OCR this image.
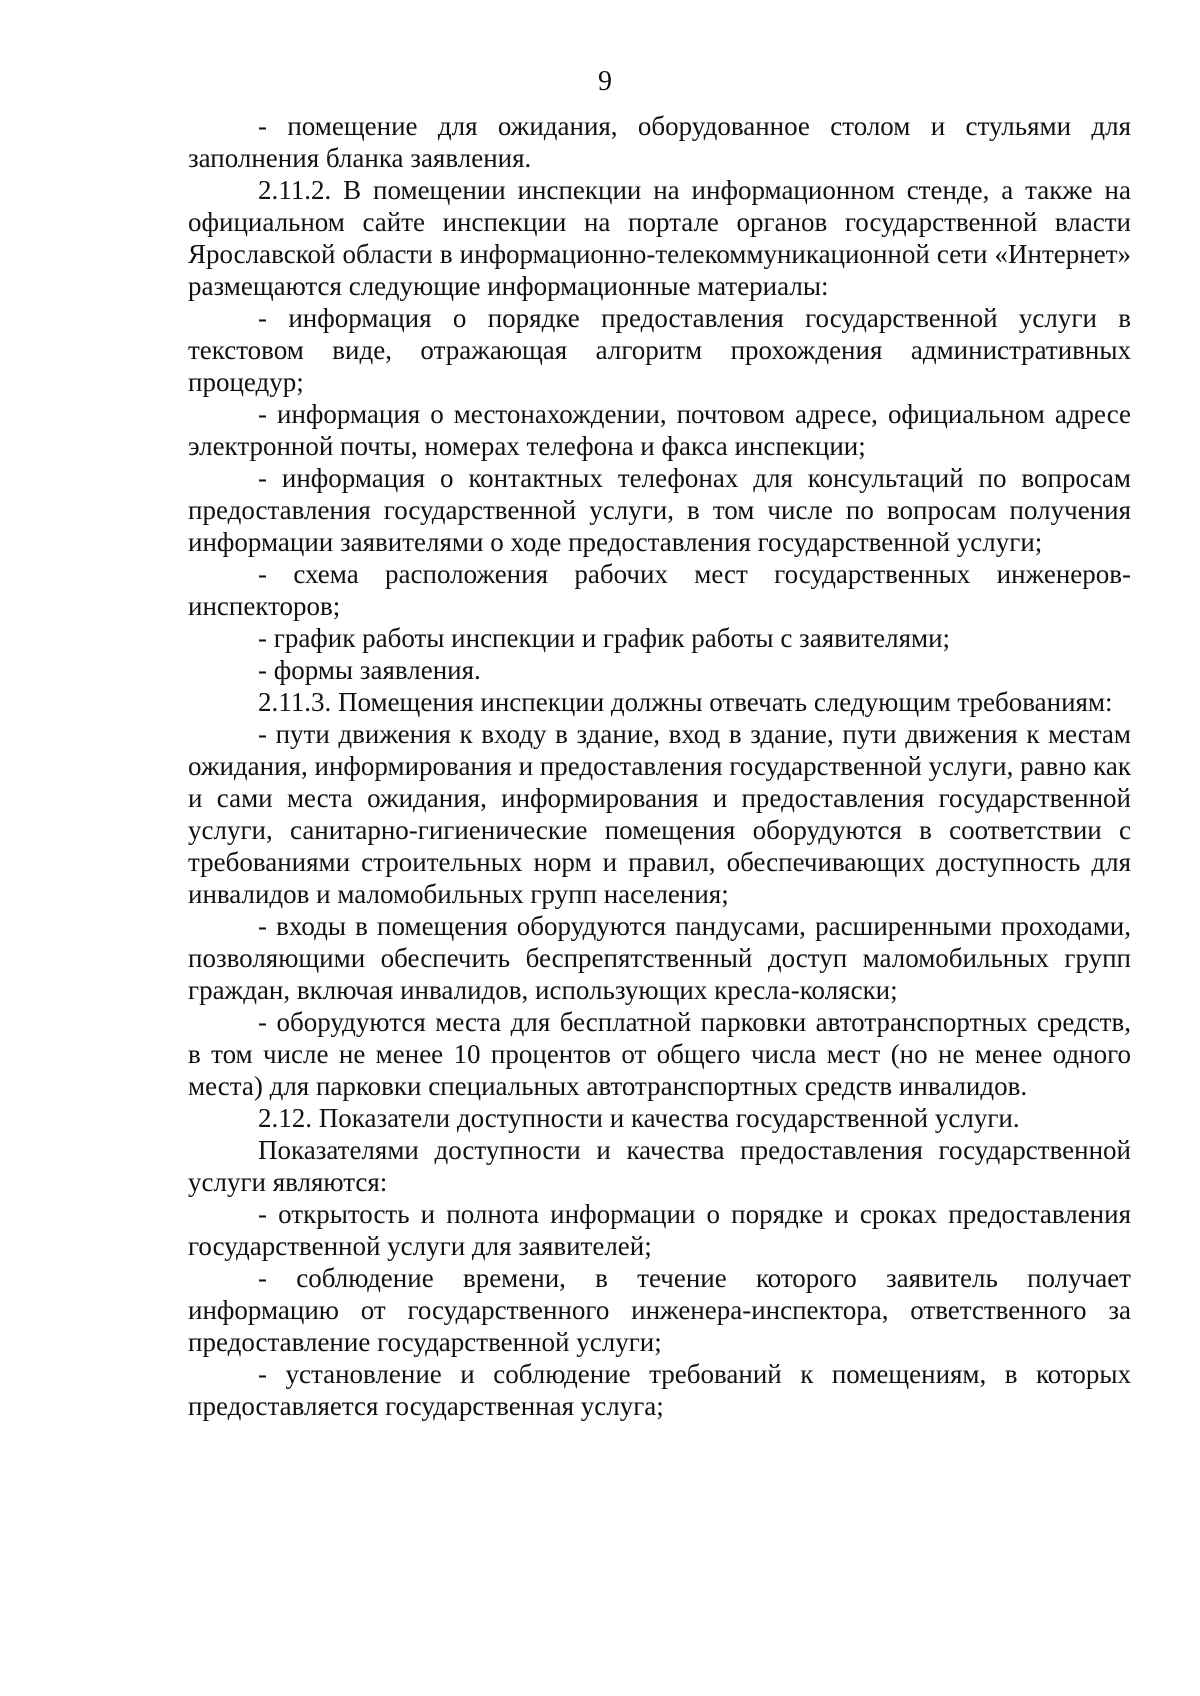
9

- помещение для ожидания, оборудованное столом и стульями для заполнения бланка заявления.

2.11.2. В помещении инспекции на информационном стенде, а также на официальном сайте инспекции на портале органов государственной власти Ярославской области в информационно-телекоммуникационной сети «Интернет» размещаются следующие информационные материалы:

- информация о порядке предоставления государственной услуги в текстовом виде, отражающая алгоритм прохождения административных процедур;

- информация о местонахождении, почтовом адресе, официальном адресе электронной почты, номерах телефона и факса инспекции;

- информация о контактных телефонах для консультаций по вопросам предоставления государственной услуги, в том числе по вопросам получения информации заявителями о ходе предоставления государственной услуги;

- схема расположения рабочих мест государственных инженеров-инспекторов;

- график работы инспекции и график работы с заявителями;

- формы заявления.

2.11.3. Помещения инспекции должны отвечать следующим требованиям:

- пути движения к входу в здание, вход в здание, пути движения к местам ожидания, информирования и предоставления государственной услуги, равно как и сами места ожидания, информирования и предоставления государственной услуги, санитарно-гигиенические помещения оборудуются в соответствии с требованиями строительных норм и правил, обеспечивающих доступность для инвалидов и маломобильных групп населения;

- входы в помещения оборудуются пандусами, расширенными проходами, позволяющими обеспечить беспрепятственный доступ маломобильных групп граждан, включая инвалидов, использующих кресла-коляски;

- оборудуются места для бесплатной парковки автотранспортных средств, в том числе не менее 10 процентов от общего числа мест (но не менее одного места) для парковки специальных автотранспортных средств инвалидов.

2.12. Показатели доступности и качества государственной услуги.

Показателями доступности и качества предоставления государственной услуги являются:

- открытость и полнота информации о порядке и сроках предоставления государственной услуги для заявителей;

- соблюдение времени, в течение которого заявитель получает информацию от государственного инженера-инспектора, ответственного за предоставление государственной услуги;

- установление и соблюдение требований к помещениям, в которых предоставляется государственная услуга;
